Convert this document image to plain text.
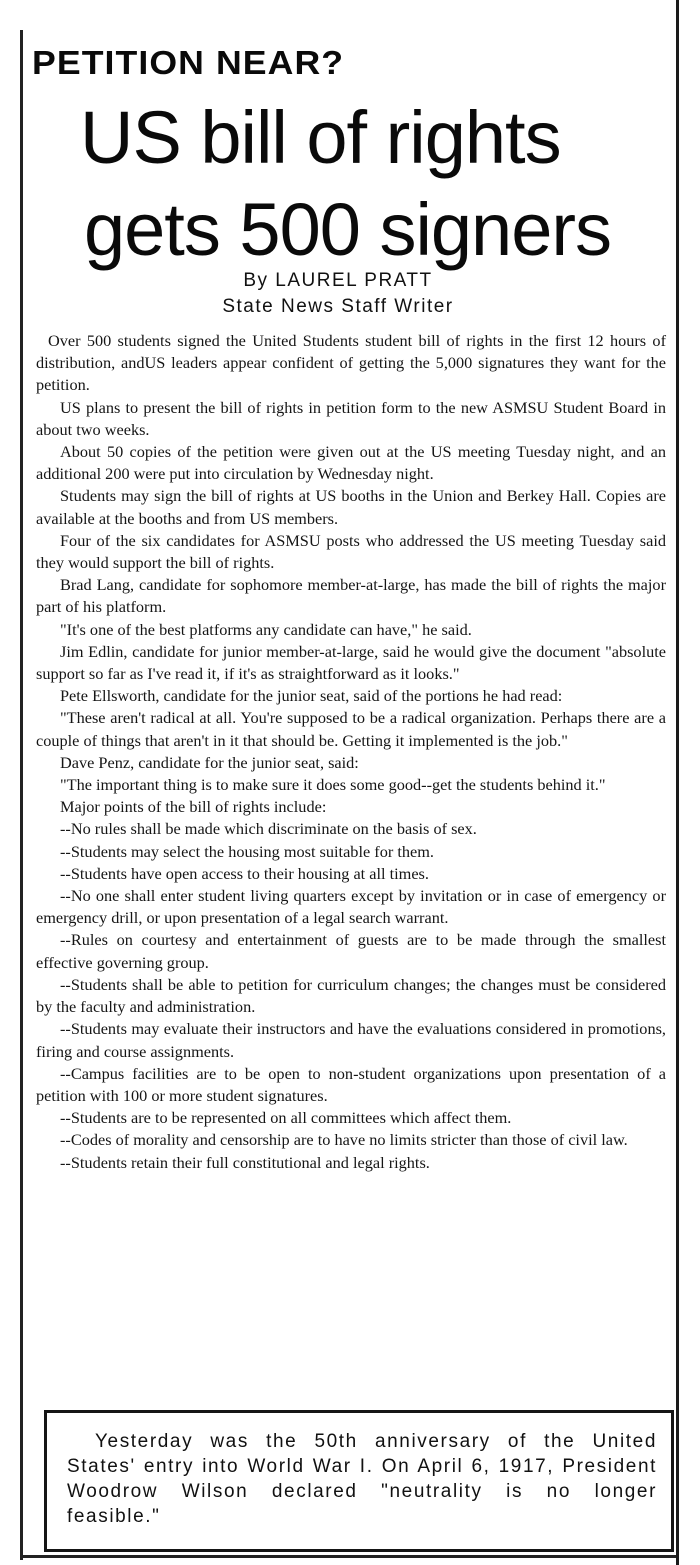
PETITION NEAR?
US bill of rights
gets 500 signers
By LAUREL PRATT
State News Staff Writer

Over 500 students signed the United Students student bill of rights in the first 12 hours of distribution, andUS leaders appear confident of getting the 5,000 signatures they want for the petition.

US plans to present the bill of rights in petition form to the new ASMSU Student Board in about two weeks.

About 50 copies of the petition were given out at the US meeting Tuesday night, and an additional 200 were put into circulation by Wednesday night.

Students may sign the bill of rights at US booths in the Union and Berkey Hall. Copies are available at the booths and from US members.

Four of the six candidates for ASMSU posts who addressed the US meeting Tuesday said they would support the bill of rights.

Brad Lang, candidate for sophomore member-at-large, has made the bill of rights the major part of his platform.

"It's one of the best platforms any candidate can have," he said.

Jim Edlin, candidate for junior member-at-large, said he would give the document "absolute support so far as I've read it, if it's as straightforward as it looks."

Pete Ellsworth, candidate for the junior seat, said of the portions he had read:

"These aren't radical at all. You're supposed to be a radical organization. Perhaps there are a couple of things that aren't in it that should be. Getting it implemented is the job."

Dave Penz, candidate for the junior seat, said:

"The important thing is to make sure it does some good--get the students behind it."

Major points of the bill of rights include:

--No rules shall be made which discriminate on the basis of sex.

--Students may select the housing most suitable for them.

--Students have open access to their housing at all times.

--No one shall enter student living quarters except by invitation or in case of emergency or emergency drill, or upon presentation of a legal search warrant.

--Rules on courtesy and entertainment of guests are to be made through the smallest effective governing group.

--Students shall be able to petition for curriculum changes; the changes must be considered by the faculty and administration.

--Students may evaluate their instructors and have the evaluations considered in promotions, firing and course assignments.

--Campus facilities are to be open to non-student organizations upon presentation of a petition with 100 or more student signatures.

--Students are to be represented on all committees which affect them.

--Codes of morality and censorship are to have no limits stricter than those of civil law.

--Students retain their full constitutional and legal rights.

Yesterday was the 50th anniversary of the United States' entry into World War I. On April 6, 1917, President Woodrow Wilson declared "neutrality is no longer feasible."
